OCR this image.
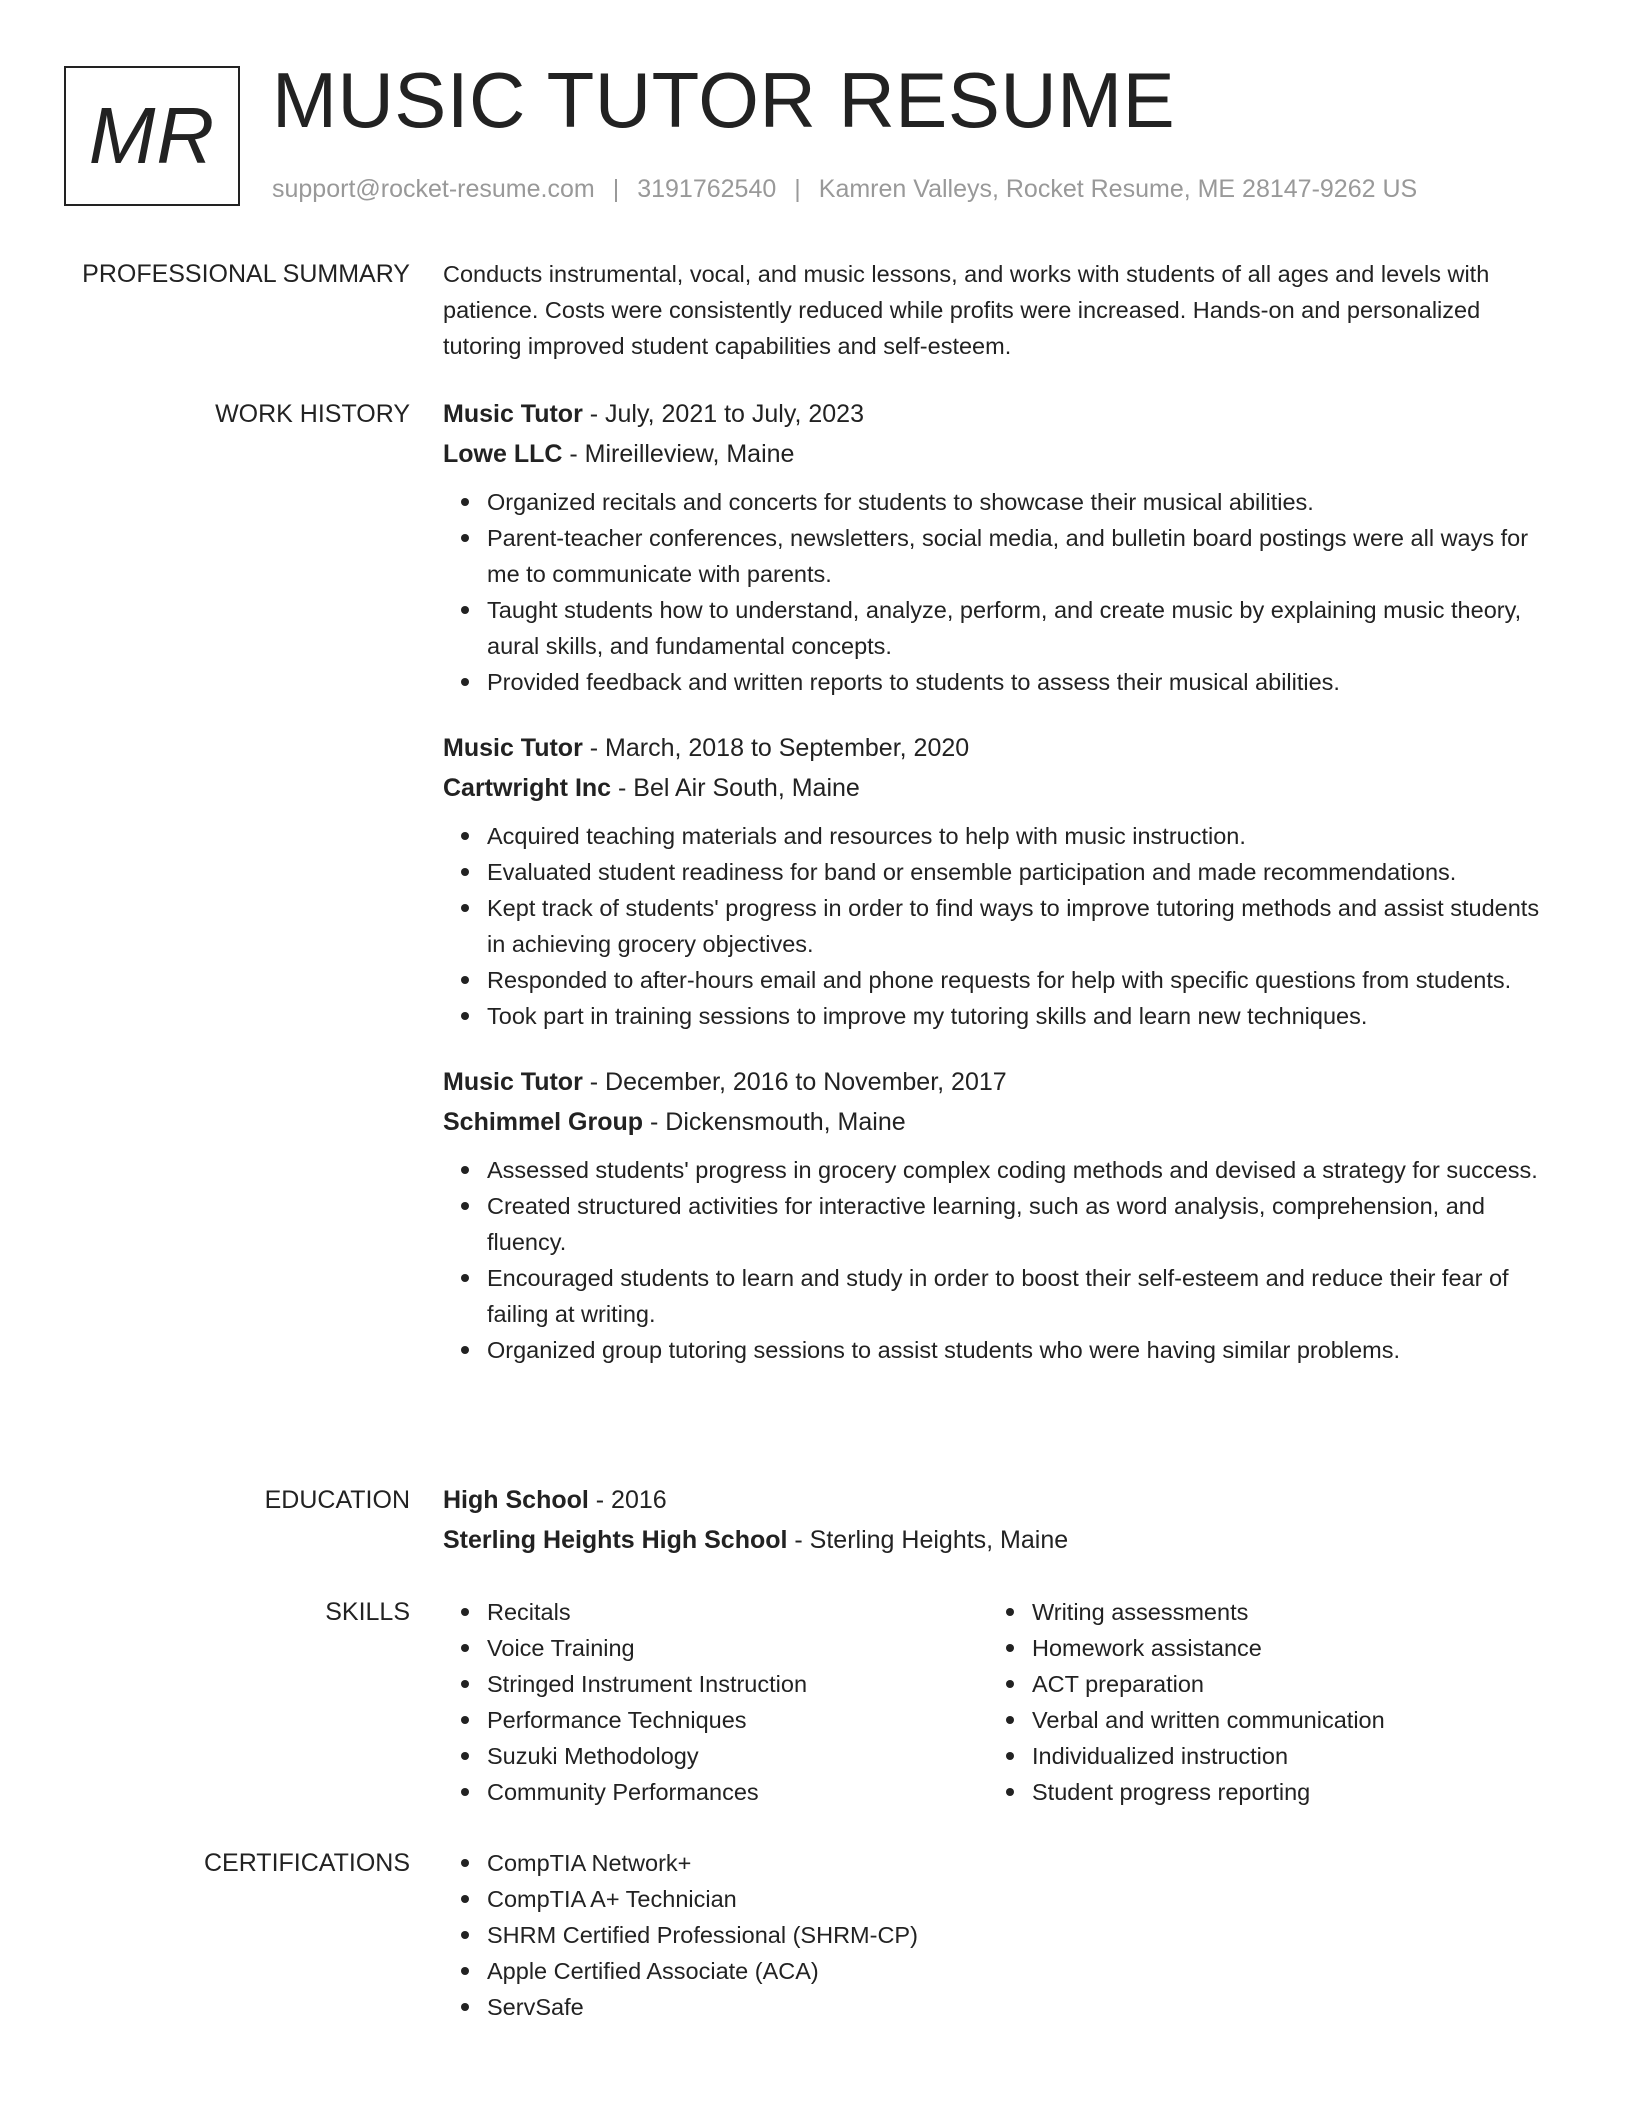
MR MUSIC TUTOR RESUME
support@rocket-resume.com | 3191762540 | Kamren Valleys, Rocket Resume, ME 28147-9262 US
PROFESSIONAL SUMMARY Conducts instrumental, vocal, and music lessons, and works with students of all ages and levels with patience. Costs were consistently reduced while profits were increased. Hands-on and personalized tutoring improved student capabilities and self-esteem.

WORK HISTORY Music Tutor - July, 2021 to July, 2023
Lowe LLC - Mireilleview, Maine
Organized recitals and concerts for students to showcase their musical abilities.
Parent-teacher conferences, newsletters, social media, and bulletin board postings were all ways for me to communicate with parents.
Taught students how to understand, analyze, perform, and create music by explaining music theory, aural skills, and fundamental concepts.
Provided feedback and written reports to students to assess their musical abilities.
Music Tutor - March, 2018 to September, 2020
Cartwright Inc - Bel Air South, Maine
Acquired teaching materials and resources to help with music instruction.
Evaluated student readiness for band or ensemble participation and made recommendations.
Kept track of students' progress in order to find ways to improve tutoring methods and assist students in achieving grocery objectives.
Responded to after-hours email and phone requests for help with specific questions from students.
Took part in training sessions to improve my tutoring skills and learn new techniques.
Music Tutor - December, 2016 to November, 2017
Schimmel Group - Dickensmouth, Maine
Assessed students' progress in grocery complex coding methods and devised a strategy for success.
Created structured activities for interactive learning, such as word analysis, comprehension, and fluency.
Encouraged students to learn and study in order to boost their self-esteem and reduce their fear of failing at writing.
Organized group tutoring sessions to assist students who were having similar problems.
EDUCATION High School - 2016
Sterling Heights High School - Sterling Heights, Maine
SKILLS	Recitals
Voice Training
Stringed Instrument Instruction
Performance Techniques
Suzuki Methodology
Community Performances
Writing assessments
Homework assistance
ACT preparation
Verbal and written communication
Individualized instruction
Student progress reporting
CERTIFICATIONS	CompTIA Network+
CompTIA A+ Technician
SHRM Certified Professional (SHRM-CP)
Apple Certified Associate (ACA)
ServSafe
